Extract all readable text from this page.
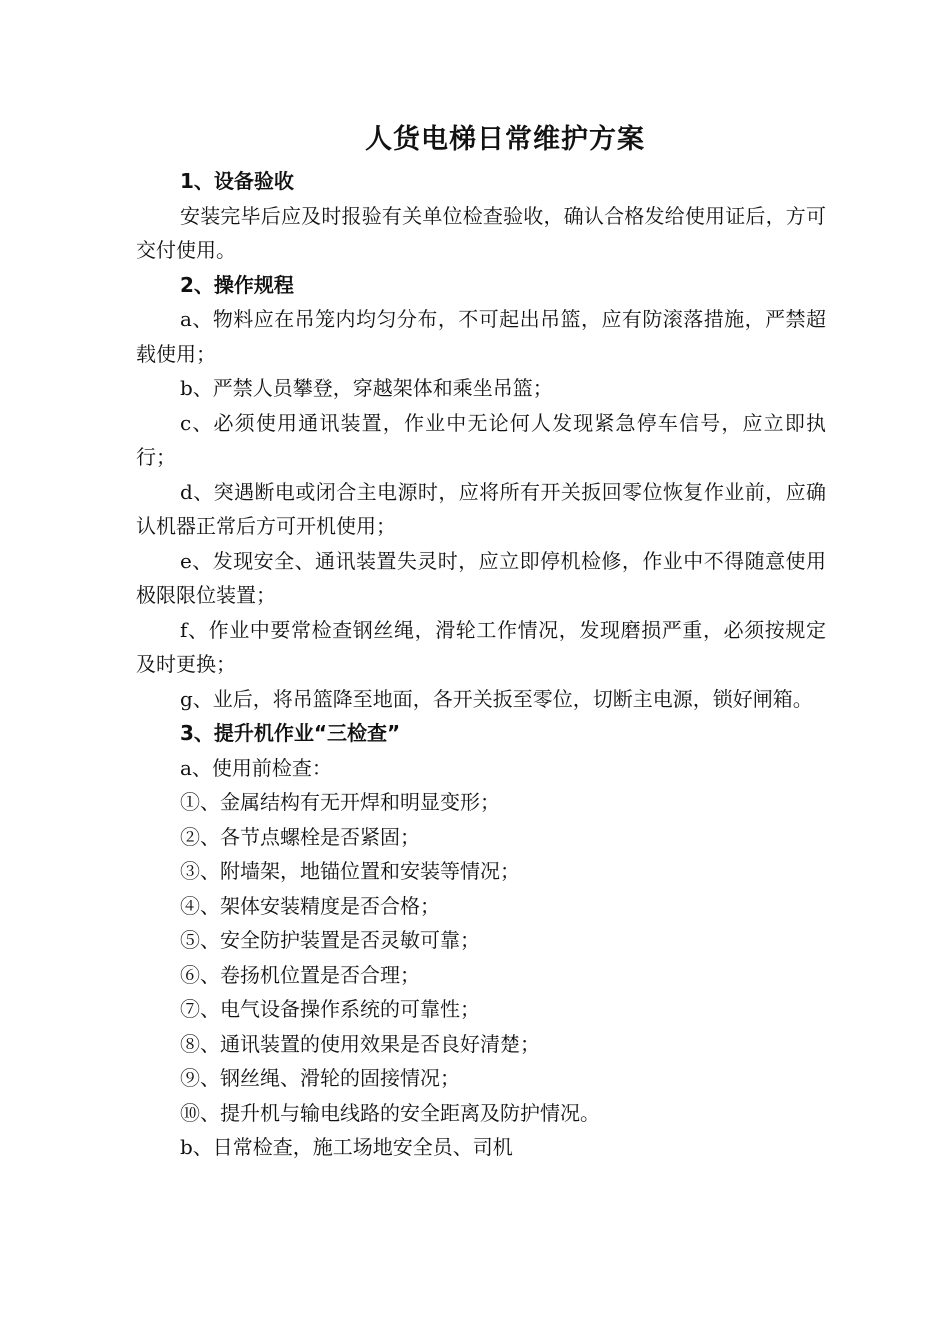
人货电梯日常维护方案

1、设备验收

安装完毕后应及时报验有关单位检查验收，确认合格发给使用证后，方可交付使用。

2、操作规程

a、物料应在吊笼内均匀分布，不可起出吊篮，应有防滚落措施，严禁超载使用；

b、严禁人员攀登，穿越架体和乘坐吊篮；

c、必须使用通讯装置，作业中无论何人发现紧急停车信号，应立即执行；

d、突遇断电或闭合主电源时，应将所有开关扳回零位恢复作业前，应确认机器正常后方可开机使用；

e、发现安全、通讯装置失灵时，应立即停机检修，作业中不得随意使用极限限位装置；

f、作业中要常检查钢丝绳，滑轮工作情况，发现磨损严重，必须按规定及时更换；

g、业后，将吊篮降至地面，各开关扳至零位，切断主电源，锁好闸箱。

3、提升机作业“三检查”

a、使用前检查：

①、金属结构有无开焊和明显变形；

②、各节点螺栓是否紧固；

③、附墙架，地锚位置和安装等情况；

④、架体安装精度是否合格；

⑤、安全防护装置是否灵敏可靠；

⑥、卷扬机位置是否合理；

⑦、电气设备操作系统的可靠性；

⑧、通讯装置的使用效果是否良好清楚；

⑨、钢丝绳、滑轮的固接情况；

⑩、提升机与输电线路的安全距离及防护情况。

b、日常检查，施工场地安全员、司机
